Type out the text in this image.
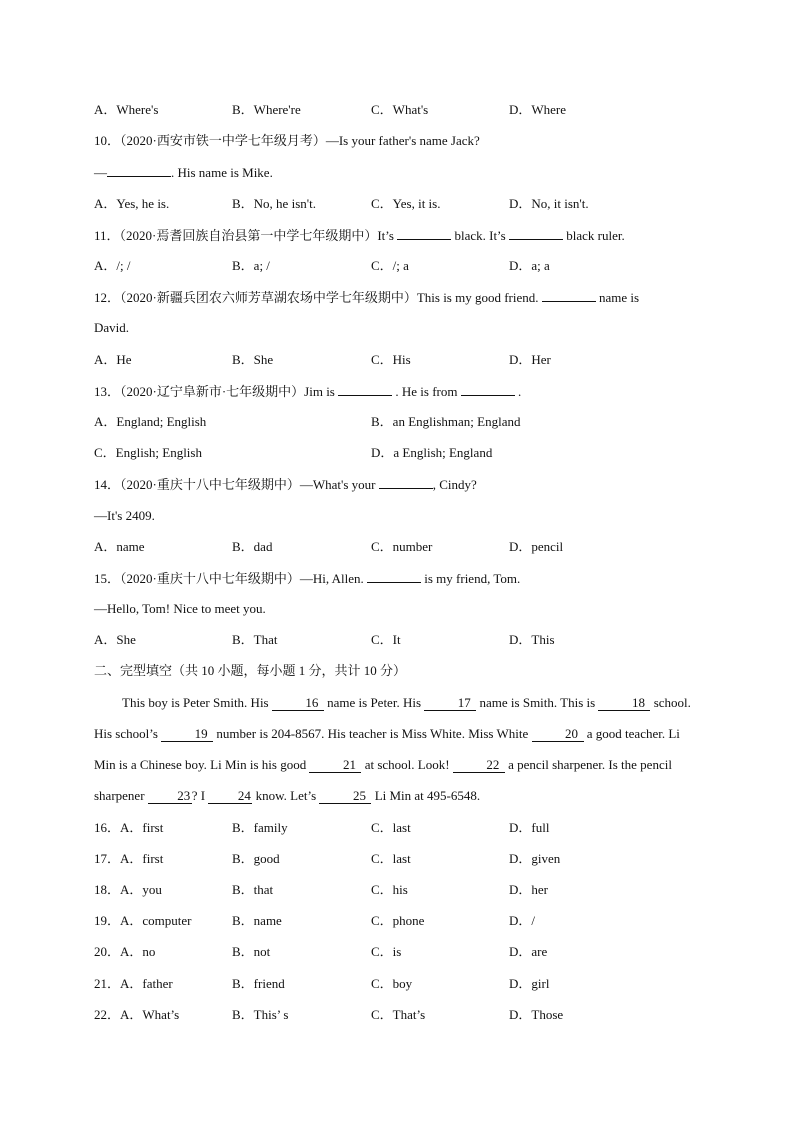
A．Where's	B．Where're	C．What's	D．Where
10．（2020·西安市铁一中学七年级月考）—Is your father's name Jack?
—	. His name is Mike.
A．Yes, he is.	B．No, he isn't.	C．Yes, it is.	D．No, it isn't.
11．（2020·焉耆回族自治县第一中学七年级期中）It’s	black. It’s	black ruler.
A．/; /	B．a; /	C．/; a	D．a; a
12．（2020·新疆兵团农六师芳草湖农场中学七年级期中）This is my good friend.	name is
David.
A．He	B．She	C．His	D．Her
13．（2020·辽宁阜新市·七年级期中）Jim is	. He is from	.
A．England; English	B．an Englishman; England
C．English; English	D．a English; England
14．（2020·重庆十八中七年级期中）—What's your	, Cindy?
—It's 2409.
A．name	B．dad	C．number	D．pencil
15．（2020·重庆十八中七年级期中）—Hi, Allen.	is my friend, Tom.
—Hello, Tom! Nice to meet you.
A．She	B．That	C．It	D．This
二、完型填空（共 10 小题，每小题 1 分，共计 10 分）
This boy is Peter Smith. His	16 name is Peter. His	17 name is Smith. This is	18 school. His school’s	19 number is 204-8567. His teacher is Miss White. Miss White	20 a good teacher. Li Min is a Chinese boy. Li Min is his good	21 at school. Look!	22 a pencil sharpener. Is the pencil sharpener	23 ? I	24 know. Let’s	25 Li Min at 495-6548.
16．A．first	B．family	C．last	D．full
17．A．first	B．good	C．last	D．given
18．A．you	B．that	C．his	D．her
19．A．computer	B．name	C．phone	D．/
20．A．no	B．not	C．is	D．are
21．A．father	B．friend	C．boy	D．girl
22．A．What’s	B．This’ s	C．That’s	D．Those
